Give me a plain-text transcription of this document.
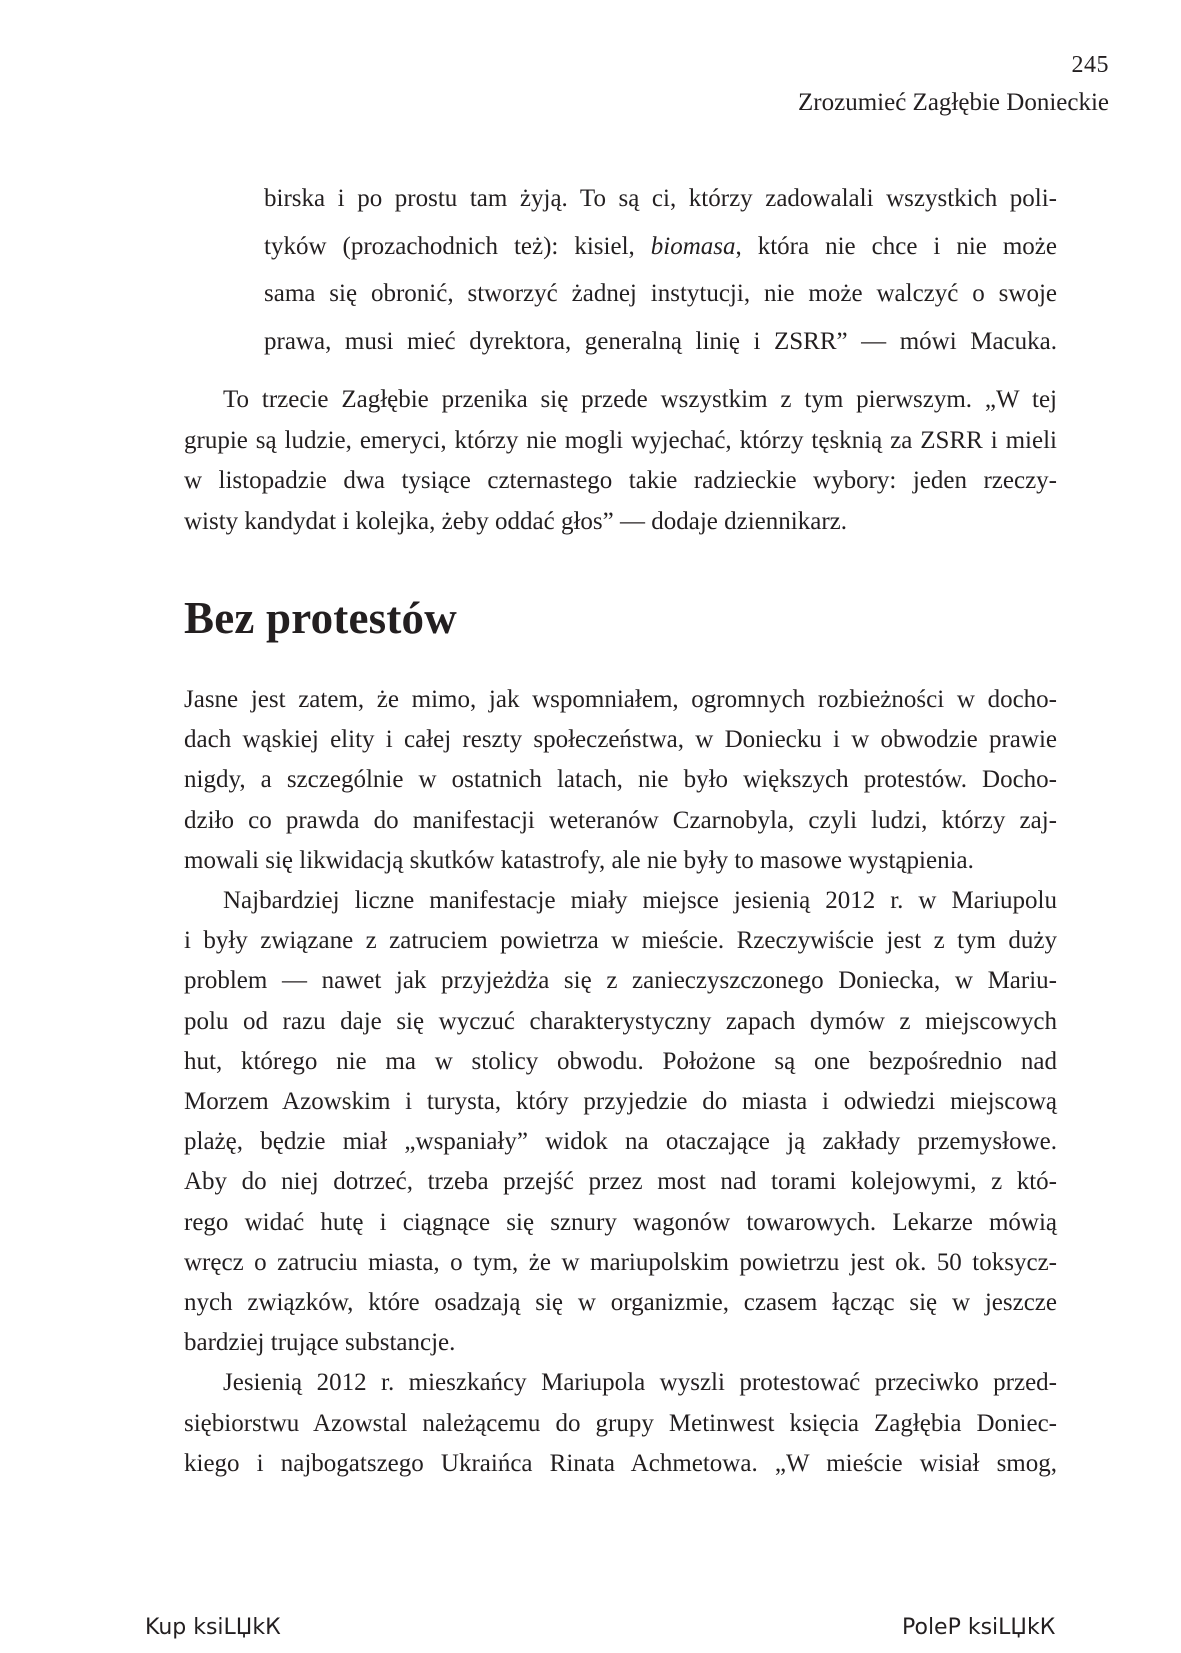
245
Zrozumieć Zagłębie Donieckie
birska i po prostu tam żyją. To są ci, którzy zadowalali wszystkich poli-
tyków (prozachodnich też): kisiel, biomasa, która nie chce i nie może
sama się obronić, stworzyć żadnej instytucji, nie może walczyć o swoje
prawa, musi mieć dyrektora, generalną linię i ZSRR” — mówi Macuka.
To trzecie Zagłębie przenika się przede wszystkim z tym pierwszym. „W tej
grupie są ludzie, emeryci, którzy nie mogli wyjechać, którzy tęsknią za ZSRR i mieli
w listopadzie dwa tysiące czternastego takie radzieckie wybory: jeden rzeczy-
wisty kandydat i kolejka, żeby oddać głos” — dodaje dziennikarz.
Bez protestów
Jasne jest zatem, że mimo, jak wspomniałem, ogromnych rozbieżności w docho-
dach wąskiej elity i całej reszty społeczeństwa, w Doniecku i w obwodzie prawie
nigdy, a szczególnie w ostatnich latach, nie było większych protestów. Docho-
dziło co prawda do manifestacji weteranów Czarnobyla, czyli ludzi, którzy zaj-
mowali się likwidacją skutków katastrofy, ale nie były to masowe wystąpienia.
Najbardziej liczne manifestacje miały miejsce jesienią 2012 r. w Mariupolu
i były związane z zatruciem powietrza w mieście. Rzeczywiście jest z tym duży
problem — nawet jak przyjeżdża się z zanieczyszczonego Doniecka, w Mariu-
polu od razu daje się wyczuć charakterystyczny zapach dymów z miejscowych
hut, którego nie ma w stolicy obwodu. Położone są one bezpośrednio nad
Morzem Azowskim i turysta, który przyjedzie do miasta i odwiedzi miejscową
plażę, będzie miał „wspaniały” widok na otaczające ją zakłady przemysłowe.
Aby do niej dotrzeć, trzeba przejść przez most nad torami kolejowymi, z któ-
rego widać hutę i ciągnące się sznury wagonów towarowych. Lekarze mówią
wręcz o zatruciu miasta, o tym, że w mariupolskim powietrzu jest ok. 50 toksycz-
nych związków, które osadzają się w organizmie, czasem łącząc się w jeszcze
bardziej trujące substancje.
Jesienią 2012 r. mieszkańcy Mariupola wyszli protestować przeciwko przed-
siębiorstwu Azowstal należącemu do grupy Metinwest księcia Zagłębia Doniec-
kiego i najbogatszego Ukraińca Rinata Achmetowa. „W mieście wisiał smog,
Kup ksiLЏkК	PoleP ksiLЏkК
